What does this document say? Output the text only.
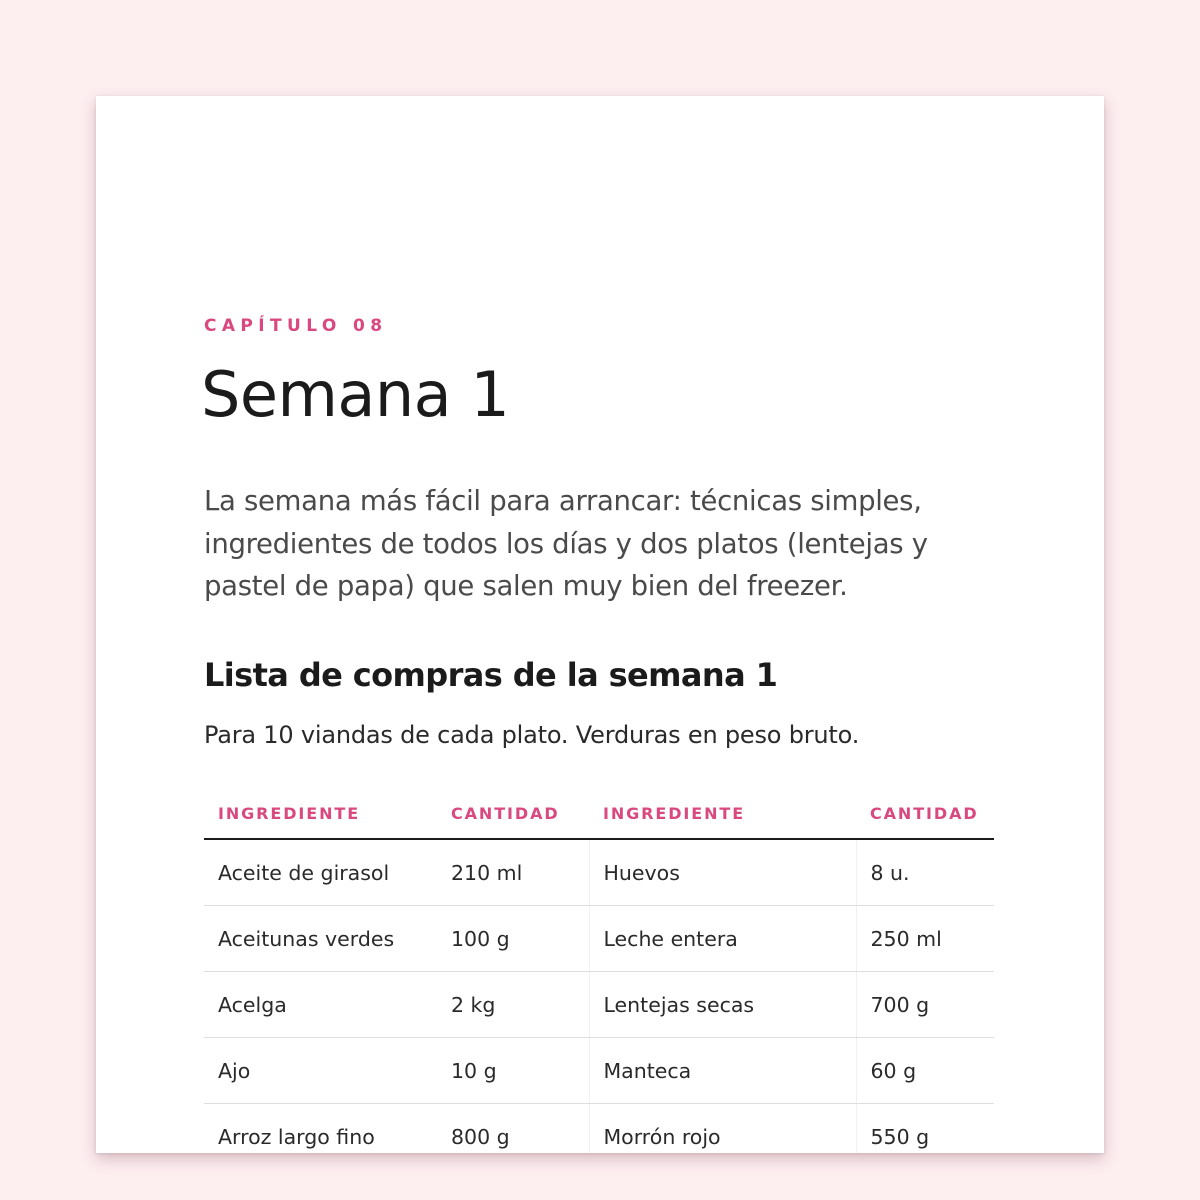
CAPÍTULO 08
Semana 1

La semana más fácil para arrancar: técnicas simples, ingredientes de todos los días y dos platos (lentejas y pastel de papa) que salen muy bien del freezer.

Lista de compras de la semana 1

Para 10 viandas de cada plato. Verduras en peso bruto.

INGREDIENTE	CANTIDAD	INGREDIENTE	CANTIDAD
Aceite de girasol	210 ml	Huevos	8 u.
Aceitunas verdes	100 g	Leche entera	250 ml
Acelga	2 kg	Lentejas secas	700 g
Ajo	10 g	Manteca	60 g
Arroz largo fino	800 g	Morrón rojo	550 g
